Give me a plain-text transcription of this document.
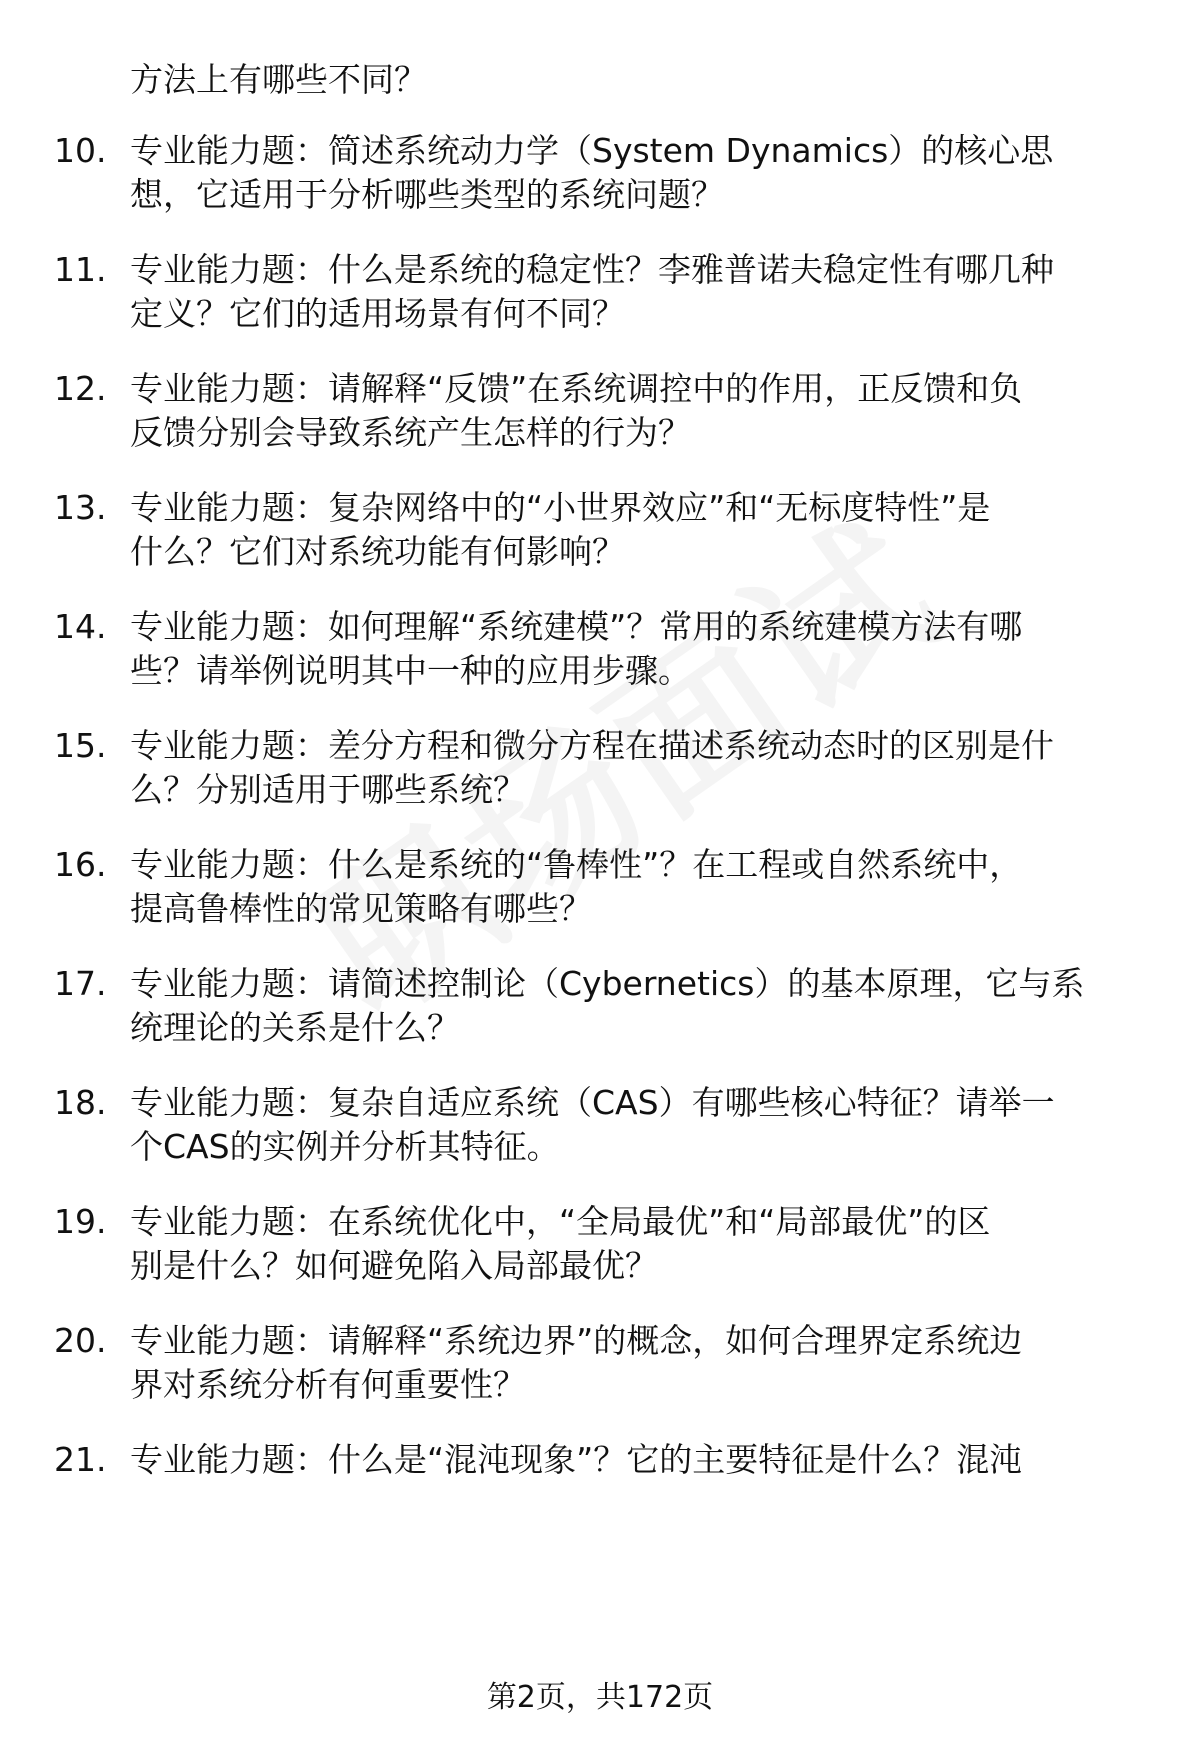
方法上有哪些不同？
10. 专业能力题：简述系统动力学（System Dynamics）的核心思
想，它适用于分析哪些类型的系统问题？
11. 专业能力题：什么是系统的稳定性？李雅普诺夫稳定性有哪几种
定义？它们的适用场景有何不同？
12. 专业能力题：请解释“反馈”在系统调控中的作用，正反馈和负
反馈分别会导致系统产生怎样的行为？
13. 专业能力题：复杂网络中的“小世界效应”和“无标度特性”是
什么？它们对系统功能有何影响？
14. 专业能力题：如何理解“系统建模”？常用的系统建模方法有哪
些？请举例说明其中一种的应用步骤。
15. 专业能力题：差分方程和微分方程在描述系统动态时的区别是什
么？分别适用于哪些系统？
16. 专业能力题：什么是系统的“鲁棒性”？在工程或自然系统中，
提高鲁棒性的常见策略有哪些？
17. 专业能力题：请简述控制论（Cybernetics）的基本原理，它与系
统理论的关系是什么？
18. 专业能力题：复杂自适应系统（CAS）有哪些核心特征？请举一
个CAS的实例并分析其特征。
19. 专业能力题：在系统优化中，“全局最优”和“局部最优”的区
别是什么？如何避免陷入局部最优？
20. 专业能力题：请解释“系统边界”的概念，如何合理界定系统边
界对系统分析有何重要性？
21. 专业能力题：什么是“混沌现象”？它的主要特征是什么？混沌
第2页，共172页
